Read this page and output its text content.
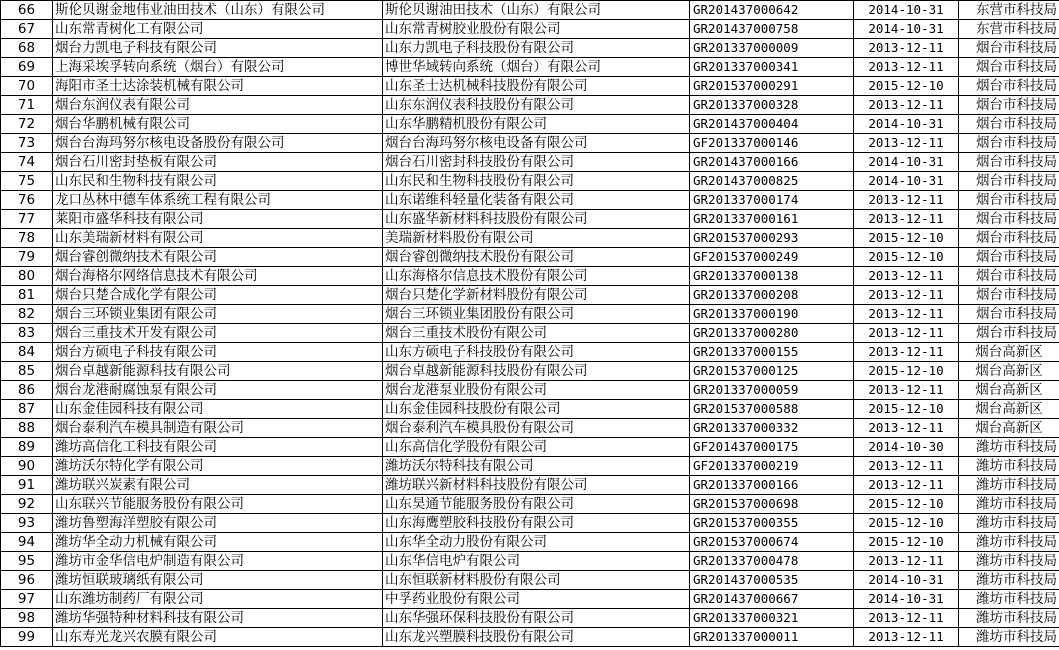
66	斯伦贝谢金地伟业油田技术（山东）有限公司	斯伦贝谢油田技术（山东）有限公司	GR201437000642	2014-10-31	东营市科技局
67	山东常青树化工有限公司	山东常青树胶业股份有限公司	GR201437000758	2014-10-31	东营市科技局
68	烟台力凯电子科技有限公司	山东力凯电子科技股份有限公司	GR201337000009	2013-12-11	烟台市科技局
69	上海采埃孚转向系统（烟台）有限公司	博世华域转向系统（烟台）有限公司	GR201337000341	2013-12-11	烟台市科技局
70	海阳市圣士达涂装机械有限公司	山东圣士达机械科技股份有限公司	GR201537000291	2015-12-10	烟台市科技局
71	烟台东润仪表有限公司	山东东润仪表科技股份有限公司	GR201337000328	2013-12-11	烟台市科技局
72	烟台华鹏机械有限公司	山东华鹏精机股份有限公司	GR201437000404	2014-10-31	烟台市科技局
73	烟台台海玛努尔核电设备股份有限公司	烟台台海玛努尔核电设备有限公司	GF201337000146	2013-12-11	烟台市科技局
74	烟台石川密封垫板有限公司	烟台石川密封科技股份有限公司	GR201437000166	2014-10-31	烟台市科技局
75	山东民和生物科技有限公司	山东民和生物科技股份有限公司	GR201437000825	2014-10-31	烟台市科技局
76	龙口丛林中德车体系统工程有限公司	山东诺维科轻量化装备有限公司	GR201337000174	2013-12-11	烟台市科技局
77	莱阳市盛华科技有限公司	山东盛华新材料科技股份有限公司	GR201337000161	2013-12-11	烟台市科技局
78	山东美瑞新材料有限公司	美瑞新材料股份有限公司	GR201537000293	2015-12-10	烟台市科技局
79	烟台睿创微纳技术有限公司	烟台睿创微纳技术股份有限公司	GF201537000249	2015-12-10	烟台市科技局
80	烟台海格尔网络信息技术有限公司	山东海格尔信息技术股份有限公司	GR201337000138	2013-12-11	烟台市科技局
81	烟台只楚合成化学有限公司	烟台只楚化学新材料股份有限公司	GR201337000208	2013-12-11	烟台市科技局
82	烟台三环锁业集团有限公司	烟台三环锁业集团股份有限公司	GR201337000190	2013-12-11	烟台市科技局
83	烟台三重技术开发有限公司	烟台三重技术股份有限公司	GR201337000280	2013-12-11	烟台市科技局
84	烟台方硕电子科技有限公司	山东方硕电子科技股份有限公司	GR201337000155	2013-12-11	烟台高新区
85	烟台卓越新能源科技有限公司	烟台卓越新能源科技股份有限公司	GR201537000125	2015-12-10	烟台高新区
86	烟台龙港耐腐蚀泵有限公司	烟台龙港泵业股份有限公司	GR201337000059	2013-12-11	烟台高新区
87	山东金佳园科技有限公司	山东金佳园科技股份有限公司	GR201537000588	2015-12-10	烟台高新区
88	烟台泰利汽车模具制造有限公司	烟台泰利汽车模具股份有限公司	GR201337000332	2013-12-11	烟台高新区
89	潍坊高信化工科技有限公司	山东高信化学股份有限公司	GF201437000175	2014-10-30	潍坊市科技局
90	潍坊沃尔特化学有限公司	潍坊沃尔特科技有限公司	GF201337000219	2013-12-11	潍坊市科技局
91	潍坊联兴炭素有限公司	潍坊联兴新材料科技股份有限公司	GR201337000166	2013-12-11	潍坊市科技局
92	山东联兴节能服务股份有限公司	山东昊通节能服务股份有限公司	GR201537000698	2015-12-10	潍坊市科技局
93	潍坊鲁塑海洋塑胶有限公司	山东海鹰塑胶科技股份有限公司	GR201537000355	2015-12-10	潍坊市科技局
94	潍坊华全动力机械有限公司	山东华全动力股份有限公司	GR201537000674	2015-12-10	潍坊市科技局
95	潍坊市金华信电炉制造有限公司	山东华信电炉有限公司	GR201337000478	2013-12-11	潍坊市科技局
96	潍坊恒联玻璃纸有限公司	山东恒联新材料股份有限公司	GR201437000535	2014-10-31	潍坊市科技局
97	山东潍坊制药厂有限公司	中孚药业股份有限公司	GR201437000667	2014-10-31	潍坊市科技局
98	潍坊华强特种材料科技有限公司	山东华强环保科技股份有限公司	GR201337000321	2013-12-11	潍坊市科技局
99	山东寿光龙兴农膜有限公司	山东龙兴塑膜科技股份有限公司	GR201337000011	2013-12-11	潍坊市科技局
